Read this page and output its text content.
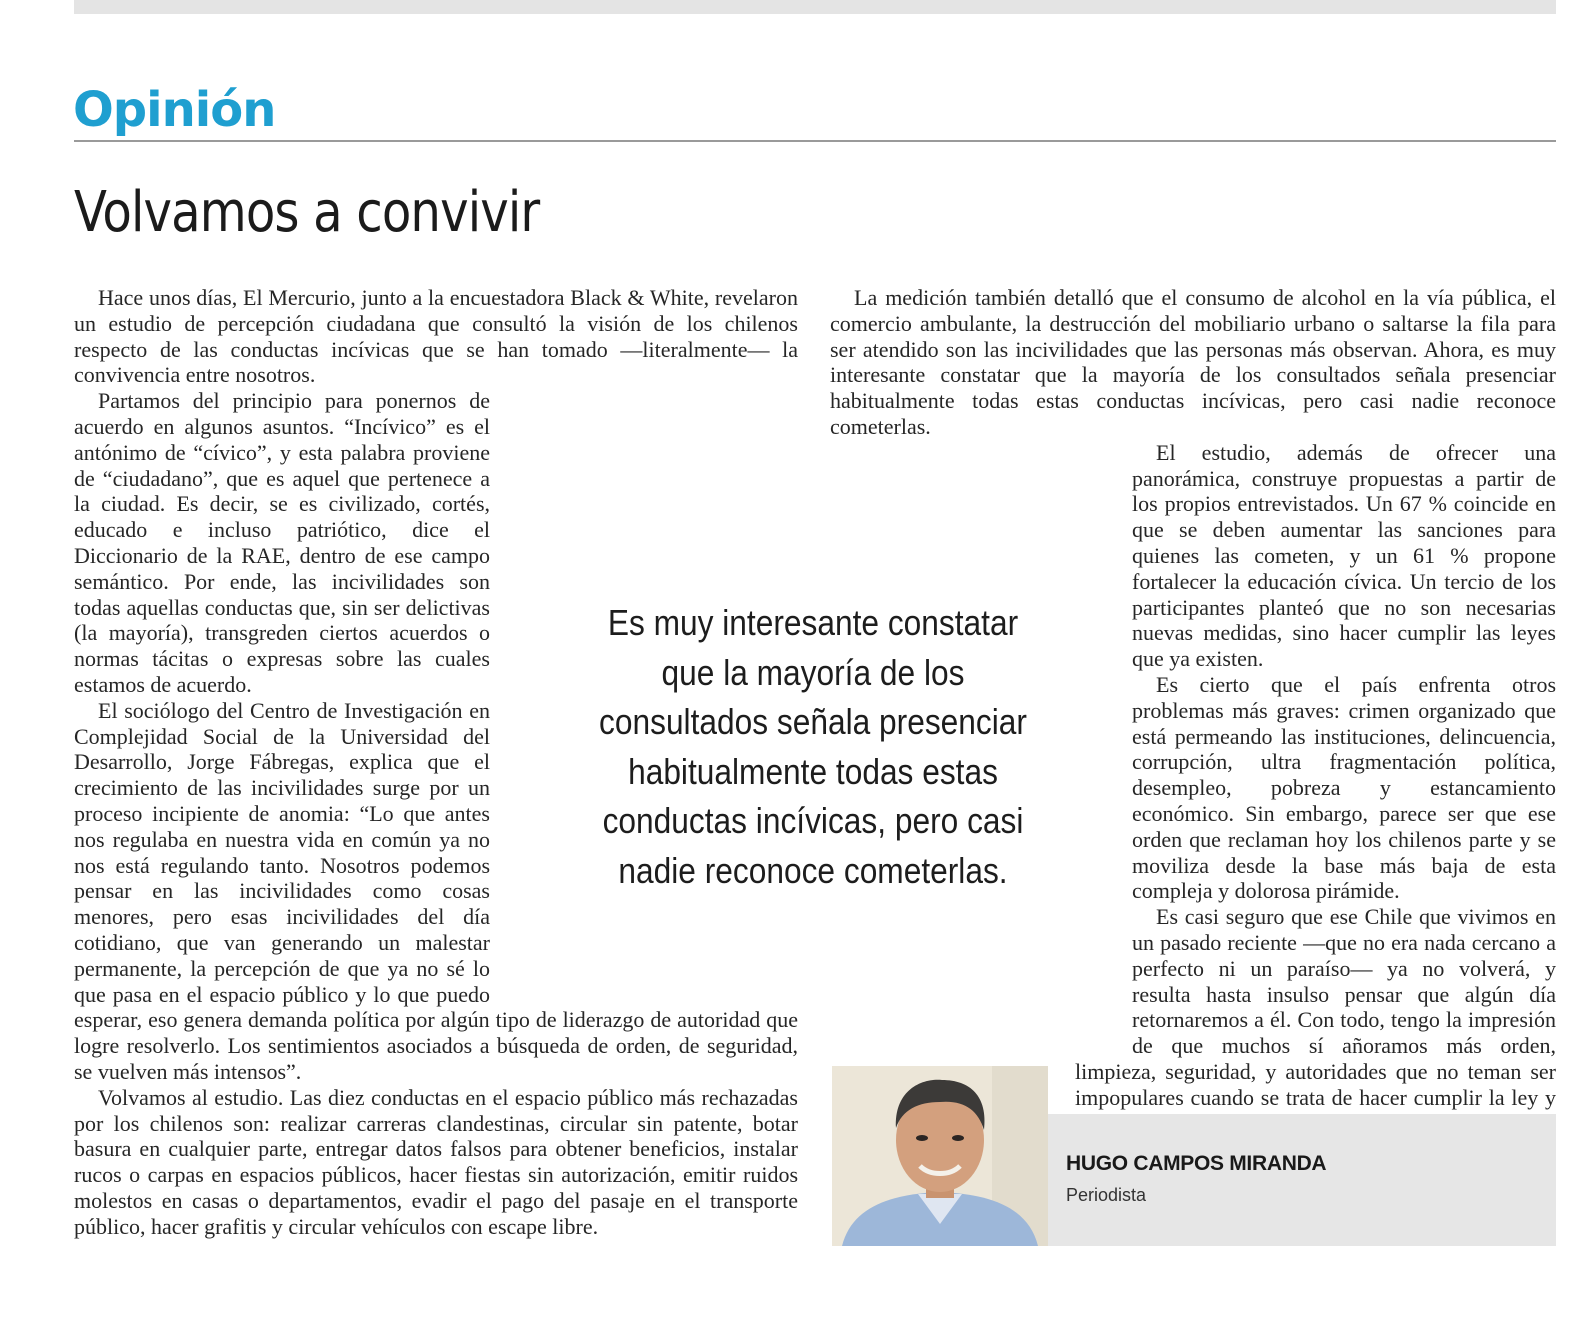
Opinión
Volvamos a convivir

Hace unos días, El Mercurio, junto a la encuestadora Black & White, revelaron un estudio de percepción ciudadana que consultó la visión de los chilenos respecto de las conductas incívicas que se han tomado —literalmente— la convivencia entre nosotros.

Partamos del principio para ponernos de acuerdo en algunos asuntos. “Incívico” es el antónimo de “cívico”, y esta palabra proviene de “ciudadano”, que es aquel que pertenece a la ciudad. Es decir, se es civilizado, cortés, educado e incluso patriótico, dice el Diccionario de la RAE, dentro de ese campo semántico. Por ende, las incivilidades son todas aquellas conductas que, sin ser delictivas (la mayoría), transgreden ciertos acuerdos o normas tácitas o expresas sobre las cuales estamos de acuerdo.

El sociólogo del Centro de Investigación en Complejidad Social de la Universidad del Desarrollo, Jorge Fábregas, explica que el crecimiento de las incivilidades surge por un proceso incipiente de anomia: “Lo que antes nos regulaba en nuestra vida en común ya no nos está regulando tanto. Nosotros podemos pensar en las incivilidades como cosas menores, pero esas incivilidades del día cotidiano, que van generando un malestar permanente, la percepción de que ya no sé lo que pasa en el espacio público y lo que puedo esperar, eso genera demanda política por algún tipo de liderazgo de autoridad que logre resolverlo. Los sentimientos asociados a búsqueda de orden, de seguridad, se vuelven más intensos”.

Volvamos al estudio. Las diez conductas en el espacio público más rechazadas por los chilenos son: realizar carreras clandestinas, circular sin patente, botar basura en cualquier parte, entregar datos falsos para obtener beneficios, instalar rucos o carpas en espacios públicos, hacer fiestas sin autorización, emitir ruidos molestos en casas o departamentos, evadir el pago del pasaje en el transporte público, hacer grafitis y circular vehículos con escape libre.

La medición también detalló que el consumo de alcohol en la vía pública, el comercio ambulante, la destrucción del mobiliario urbano o saltarse la fila para ser atendido son las incivilidades que las personas más observan. Ahora, es muy interesante constatar que la mayoría de los consultados señala presenciar habitualmente todas estas conductas incívicas, pero casi nadie reconoce cometerlas.

El estudio, además de ofrecer una panorámica, construye propuestas a partir de los propios entrevistados. Un 67 % coincide en que se deben aumentar las sanciones para quienes las cometen, y un 61 % propone fortalecer la educación cívica. Un tercio de los participantes planteó que no son necesarias nuevas medidas, sino hacer cumplir las leyes que ya existen.

Es cierto que el país enfrenta otros problemas más graves: crimen organizado que está permeando las instituciones, delincuencia, corrupción, ultra fragmentación política, desempleo, pobreza y estancamiento económico. Sin embargo, parece ser que ese orden que reclaman hoy los chilenos parte y se moviliza desde la base más baja de esta compleja y dolorosa pirámide.

Es casi seguro que ese Chile que vivimos en un pasado reciente —que no era nada cercano a perfecto ni un paraíso— ya no volverá, y resulta hasta insulso pensar que algún día retornaremos a él. Con todo, tengo la impresión de que muchos sí añoramos más orden, limpieza, seguridad, y autoridades que no teman ser impopulares cuando se trata de hacer cumplir la ley y

Es muy interesante constatar que la mayoría de los consultados señala presenciar habitualmente todas estas conductas incívicas, pero casi nadie reconoce cometerlas.

HUGO CAMPOS MIRANDA
Periodista
